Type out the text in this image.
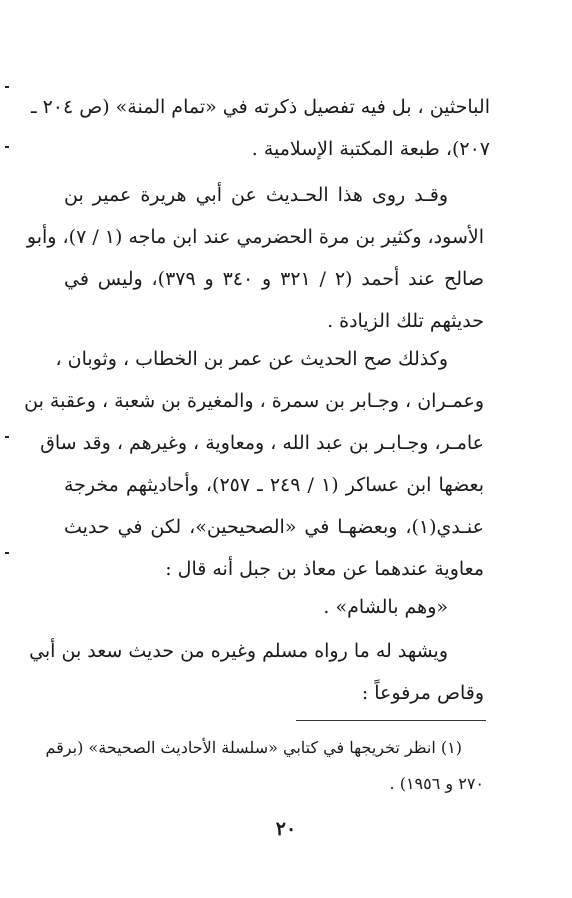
الباحثين ، بل فيه تفصيل ذكرته في «تمام المنة» (ص ٢٠٤ ـ
٢٠٧)، طبعة المكتبة الإسلامية .
وقـد روى هذا الحـديث عن أبي هريرة عمير بن
الأسود، وكثير بن مرة الحضرمي عند ابن ماجه (١ / ٧)، وأبو
صالح عند أحمد (٢ / ٣٢١ و ٣٤٠ و ٣٧٩)، وليس في
حديثهم تلك الزيادة .
وكذلك صح الحديث عن عمر بن الخطاب ، وثوبان ،
وعمـران ، وجـابر بن سمرة ، والمغيرة بن شعبة ، وعقبة بن
عامـر، وجـابـر بن عبد الله ، ومعاوية ، وغيرهم ، وقد ساق
بعضها ابن عساكر (١ / ٢٤٩ ـ ٢٥٧)، وأحاديثهم مخرجة
عنـدي(١)، وبعضهـا في «الصحيحين»، لكن في حديث
معاوية عندهما عن معاذ بن جبل أنه قال :
«وهم بالشام» .
ويشهد له ما رواه مسلم وغيره من حديث سعد بن أبي
وقاص مرفوعاً :
(١) انظر تخريجها في كتابي «سلسلة الأحاديث الصحيحة» (برقم
٢٧٠ و ١٩٥٦) .
٢٠
